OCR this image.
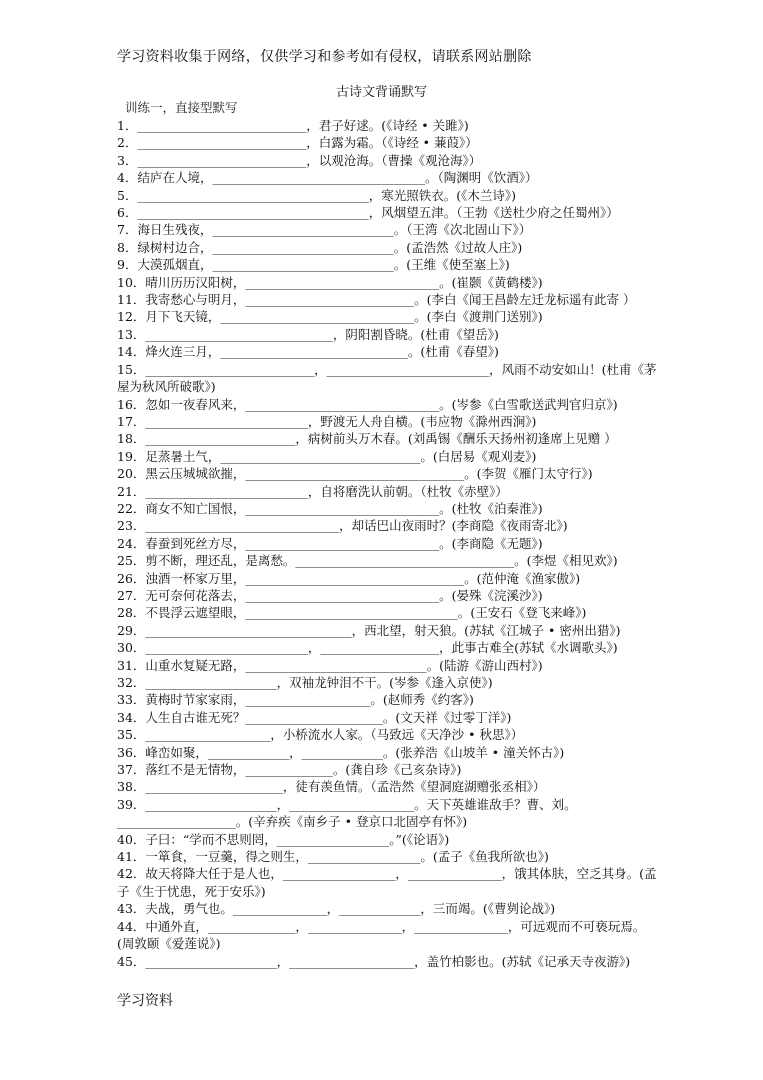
学习资料收集于网络，仅供学习和参考如有侵权，请联系网站删除
古诗文背诵默写
训练一，直接型默写
1．___________________________，君子好逑。(《诗经 • 关雎》)
2．___________________________，白露为霜。（《诗经 • 蒹葭》）
3．___________________________，以观沧海。（曹操《观沧海》）
4．结庐在人境，__________________________________。（陶渊明《饮酒》）
5．_____________________________________，寒光照铁衣。(《木兰诗》)
6．_____________________________________，风烟望五津。（王勃《送杜少府之任蜀州》）
7．海日生残夜，_____________________________。（王湾《次北固山下》）
8．绿树村边合，_____________________________。(孟浩然《过故人庄》)
9．大漠孤烟直，_____________________________。(王维《使至塞上》)
10．晴川历历汉阳树，_______________________________。(崔颢《黄鹤楼》)
11．我寄愁心与明月，___________________________。(李白《闻王昌龄左迁龙标遥有此寄 ）
12．月下飞天镜，_______________________________。(李白《渡荆门送别》)
13．______________________________，阴阳割昏晓。(杜甫《望岳》)
14．烽火连三月，______________________________。(杜甫《春望》)
15．___________________________，__________________________，风雨不动安如山！(杜甫《茅屋为秋风所破歌》)
16．忽如一夜春风来，_______________________________。(岑参《白雪歌送武判官归京》)
17．__________________________，野渡无人舟自横。(韦应物《滁州西涧》)
18．________________________，病树前头万木春。(刘禹锡《酬乐天扬州初逢席上见赠 ）
19．足蒸暑土气，________________________________。(白居易《观刈麦》)
20．黑云压城城欲摧，___________________________________。(李贺《雁门太守行》)
21．__________________________，自将磨洗认前朝。（杜牧《赤壁》）
22．商女不知亡国恨，_______________________________。(杜牧《泊秦淮》)
23．_______________________________，却话巴山夜雨时？(李商隐《夜雨寄北》)
24．春蚕到死丝方尽，_______________________________。(李商隐《无题》)
25．剪不断，理还乱，是离愁。___________________________________。(李煜《相见欢》)
26．浊酒一杯家万里，___________________________________。(范仲淹《渔家傲》)
27．无可奈何花落去，_______________________________。(晏殊《浣溪沙》)
28．不畏浮云遮望眼，__________________________________。(王安石《登飞来峰》)
29．_________________________________，西北望，射天狼。(苏轼《江城子 • 密州出猎》)
30．__________________________，___________________，此事古难全(苏轼《水调歌头》)
31．山重水复疑无路，_____________________________。(陆游《游山西村》)
32．_____________________，双袖龙钟泪不干。(岑参《逢入京使》)
33．黄梅时节家家雨，____________________。(赵师秀《约客》)
34．人生自古谁无死？______________________。(文天祥《过零丁洋》)
35．____________________，小桥流水人家。（马致远《天净沙 • 秋思》）
36．峰峦如聚，_____________，_____________。(张养浩《山坡羊 • 潼关怀古》)
37．落红不是无情物，______________。(龚自珍《己亥杂诗》)
38．______________________，徒有羡鱼情。（孟浩然《望洞庭湖赠张丞相》）
39．_____________________，____________________。天下英雄谁敌手？曹、刘。___________________。(辛弃疾《南乡子 • 登京口北固亭有怀》)
40．子曰：“学而不思则罔，__________________。”(《论语》)
41．一箪食，一豆羹，得之则生，__________________。(孟子《鱼我所欲也》)
42．故天将降大任于是人也，__________________，_______________，饿其体肤，空乏其身。(孟子《生于忧患，死于安乐》)
43．夫战，勇气也。_______________，_____________，三而竭。(《曹刿论战》)
44．中通外直，______________，_______________，_______________，可远观而不可亵玩焉。(周敦颐《爱莲说》)
45．_____________________，____________________，盖竹柏影也。(苏轼《记承天寺夜游》)
学习资料
